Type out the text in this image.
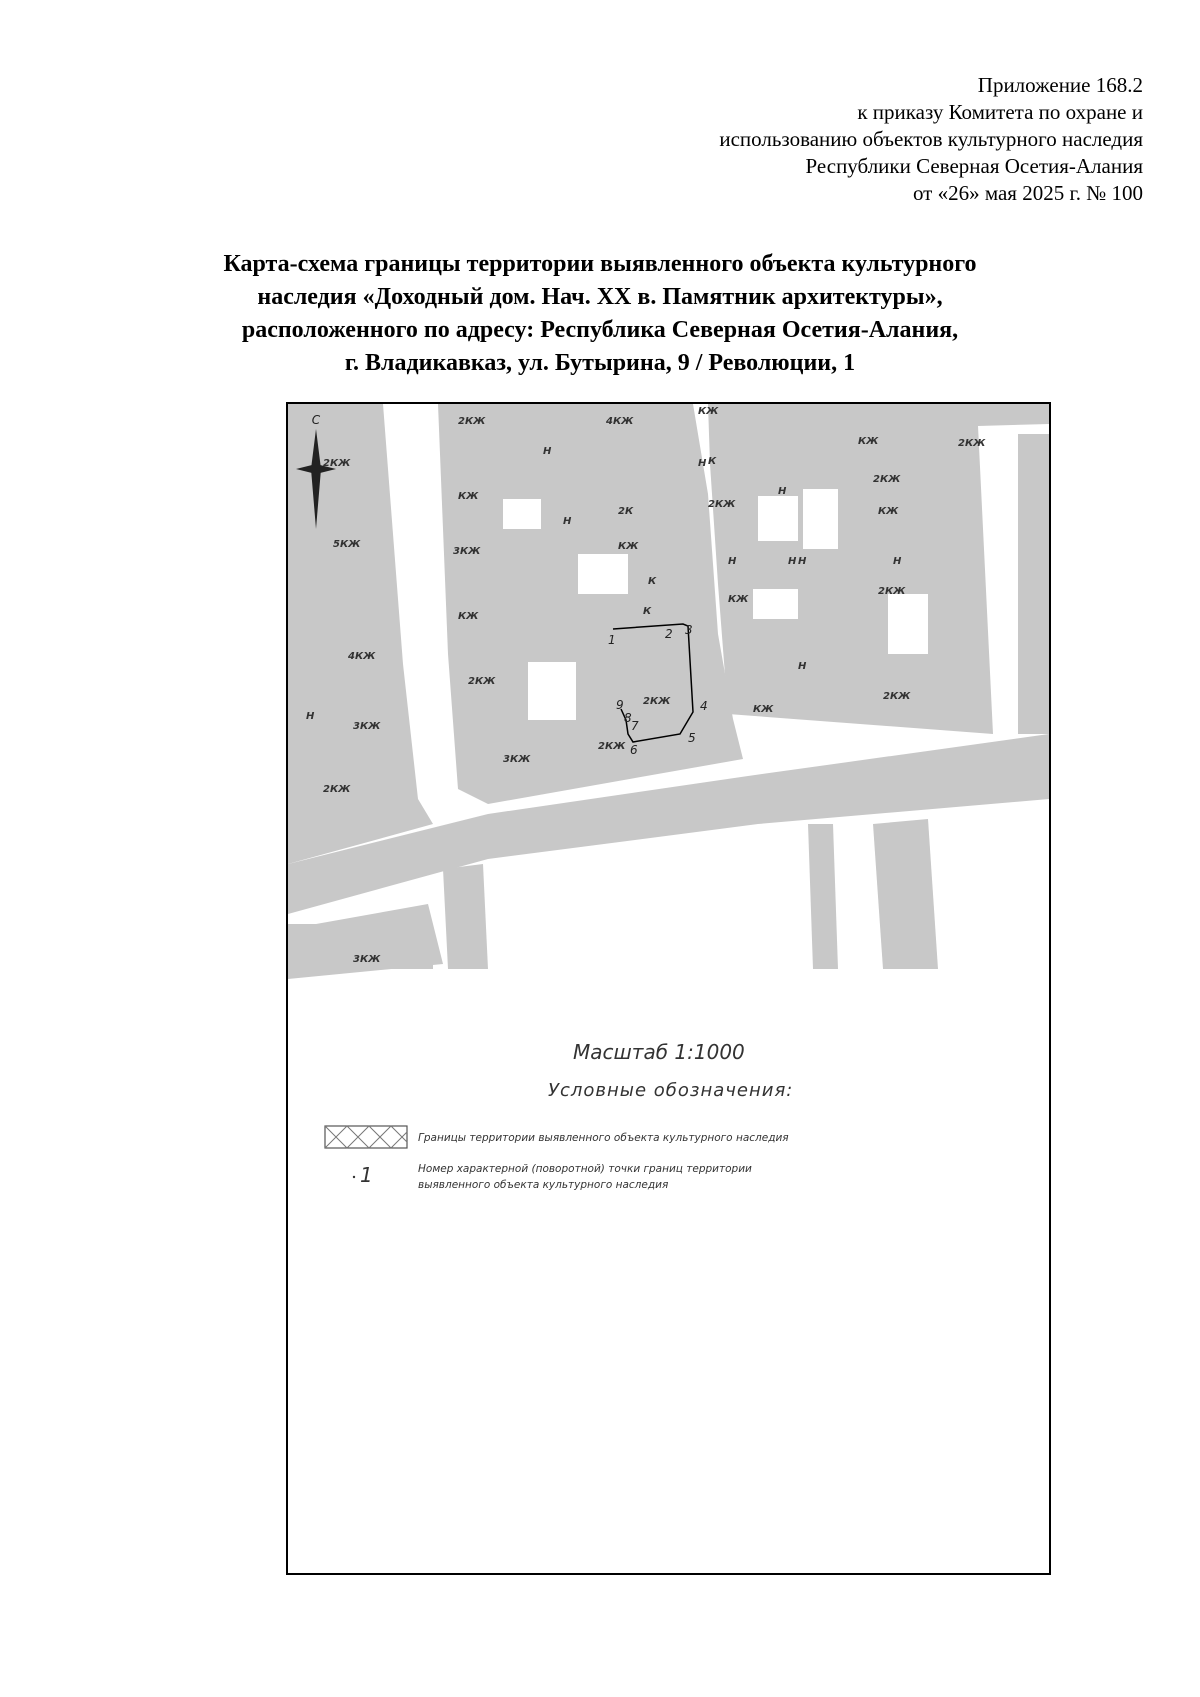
Приложение 168.2
к приказу Комитета по охране и
использованию объектов культурного наследия
Республики Северная Осетия-Алания
от «26» мая 2025 г. № 100
Карта-схема границы территории выявленного объекта культурного
наследия «Доходный дом. Нач. XX в. Памятник архитектуры»,
расположенного по адресу: Республика Северная Осетия-Алания,
г. Владикавказ, ул. Бутырина, 9 / Революции, 1
С	2КЖ	4КЖ
КЖ
2КЖ
2КЖ
Н
КЖ
Н
2К
3КЖ
КЖ
5КЖ
К
КЖ
К
2КЖ
КЖ
К
2КЖ
Н
Н
Н	Н
2КЖ
КЖ
Н
КЖ
Н
4КЖ
2КЖ
Н
2КЖ
КЖ
2КЖ
Н
3КЖ
3КЖ
2КЖ
2КЖ
3КЖ
1	2 3
4
5
6
7
8
9
Масштаб 1:1000
Условные обозначения:
Границы территории выявленного объекта культурного наследия
1	Номер характерной (поворотной) точки границ территории
выявленного объекта культурного наследия
